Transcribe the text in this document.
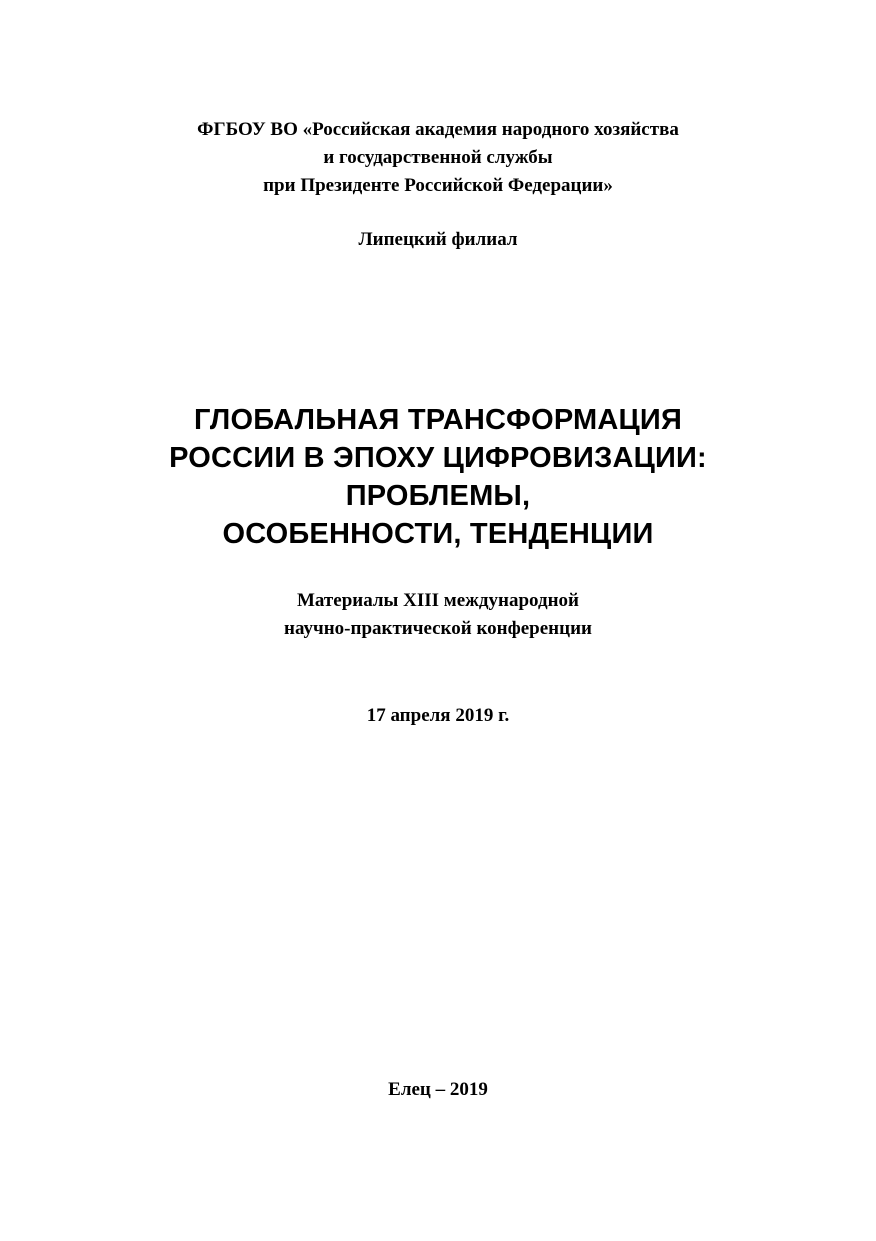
ФГБОУ ВО «Российская академия народного хозяйства
и государственной службы
при Президенте Российской Федерации»
Липецкий филиал
ГЛОБАЛЬНАЯ ТРАНСФОРМАЦИЯ
РОССИИ В ЭПОХУ ЦИФРОВИЗАЦИИ:
ПРОБЛЕМЫ,
ОСОБЕННОСТИ, ТЕНДЕНЦИИ
Материалы XIII международной
научно-практической конференции
17 апреля 2019 г.
Елец – 2019
